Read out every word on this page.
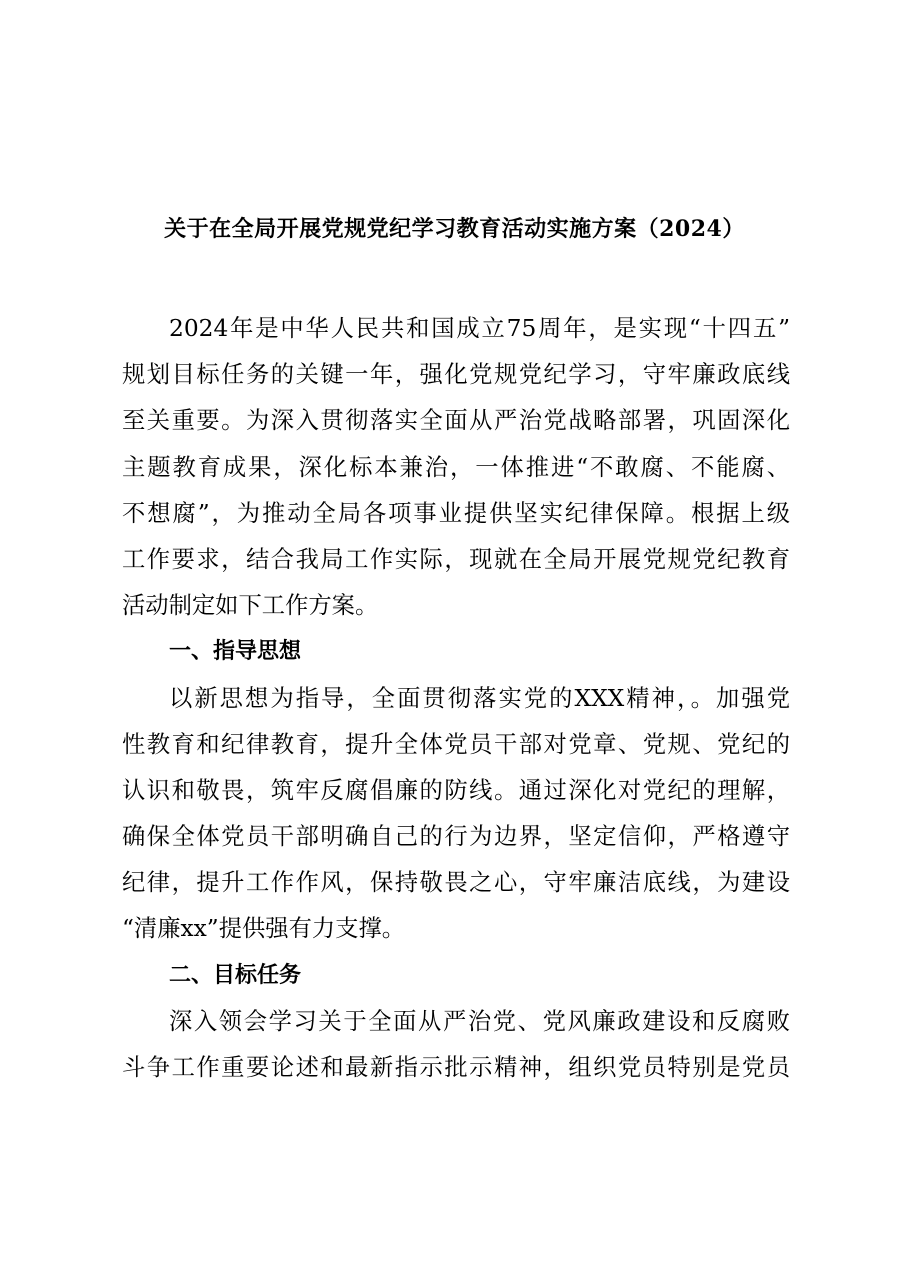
关于在全局开展党规党纪学习教育活动实施方案（2024）
2024年是中华人民共和国成立75周年，是实现“十四五”
规划目标任务的关键一年，强化党规党纪学习，守牢廉政底线
至关重要。为深入贯彻落实全面从严治党战略部署，巩固深化
主题教育成果，深化标本兼治，一体推进“不敢腐、不能腐、
不想腐”，为推动全局各项事业提供坚实纪律保障。根据上级
工作要求，结合我局工作实际，现就在全局开展党规党纪教育
活动制定如下工作方案。
一、指导思想
以新思想为指导，全面贯彻落实党的XXX精神，。加强党
性教育和纪律教育，提升全体党员干部对党章、党规、党纪的
认识和敬畏，筑牢反腐倡廉的防线。通过深化对党纪的理解，
确保全体党员干部明确自己的行为边界，坚定信仰，严格遵守
纪律，提升工作作风，保持敬畏之心，守牢廉洁底线，为建设
“清廉xx”提供强有力支撑。
二、目标任务
深入领会学习关于全面从严治党、党风廉政建设和反腐败
斗争工作重要论述和最新指示批示精神，组织党员特别是党员
